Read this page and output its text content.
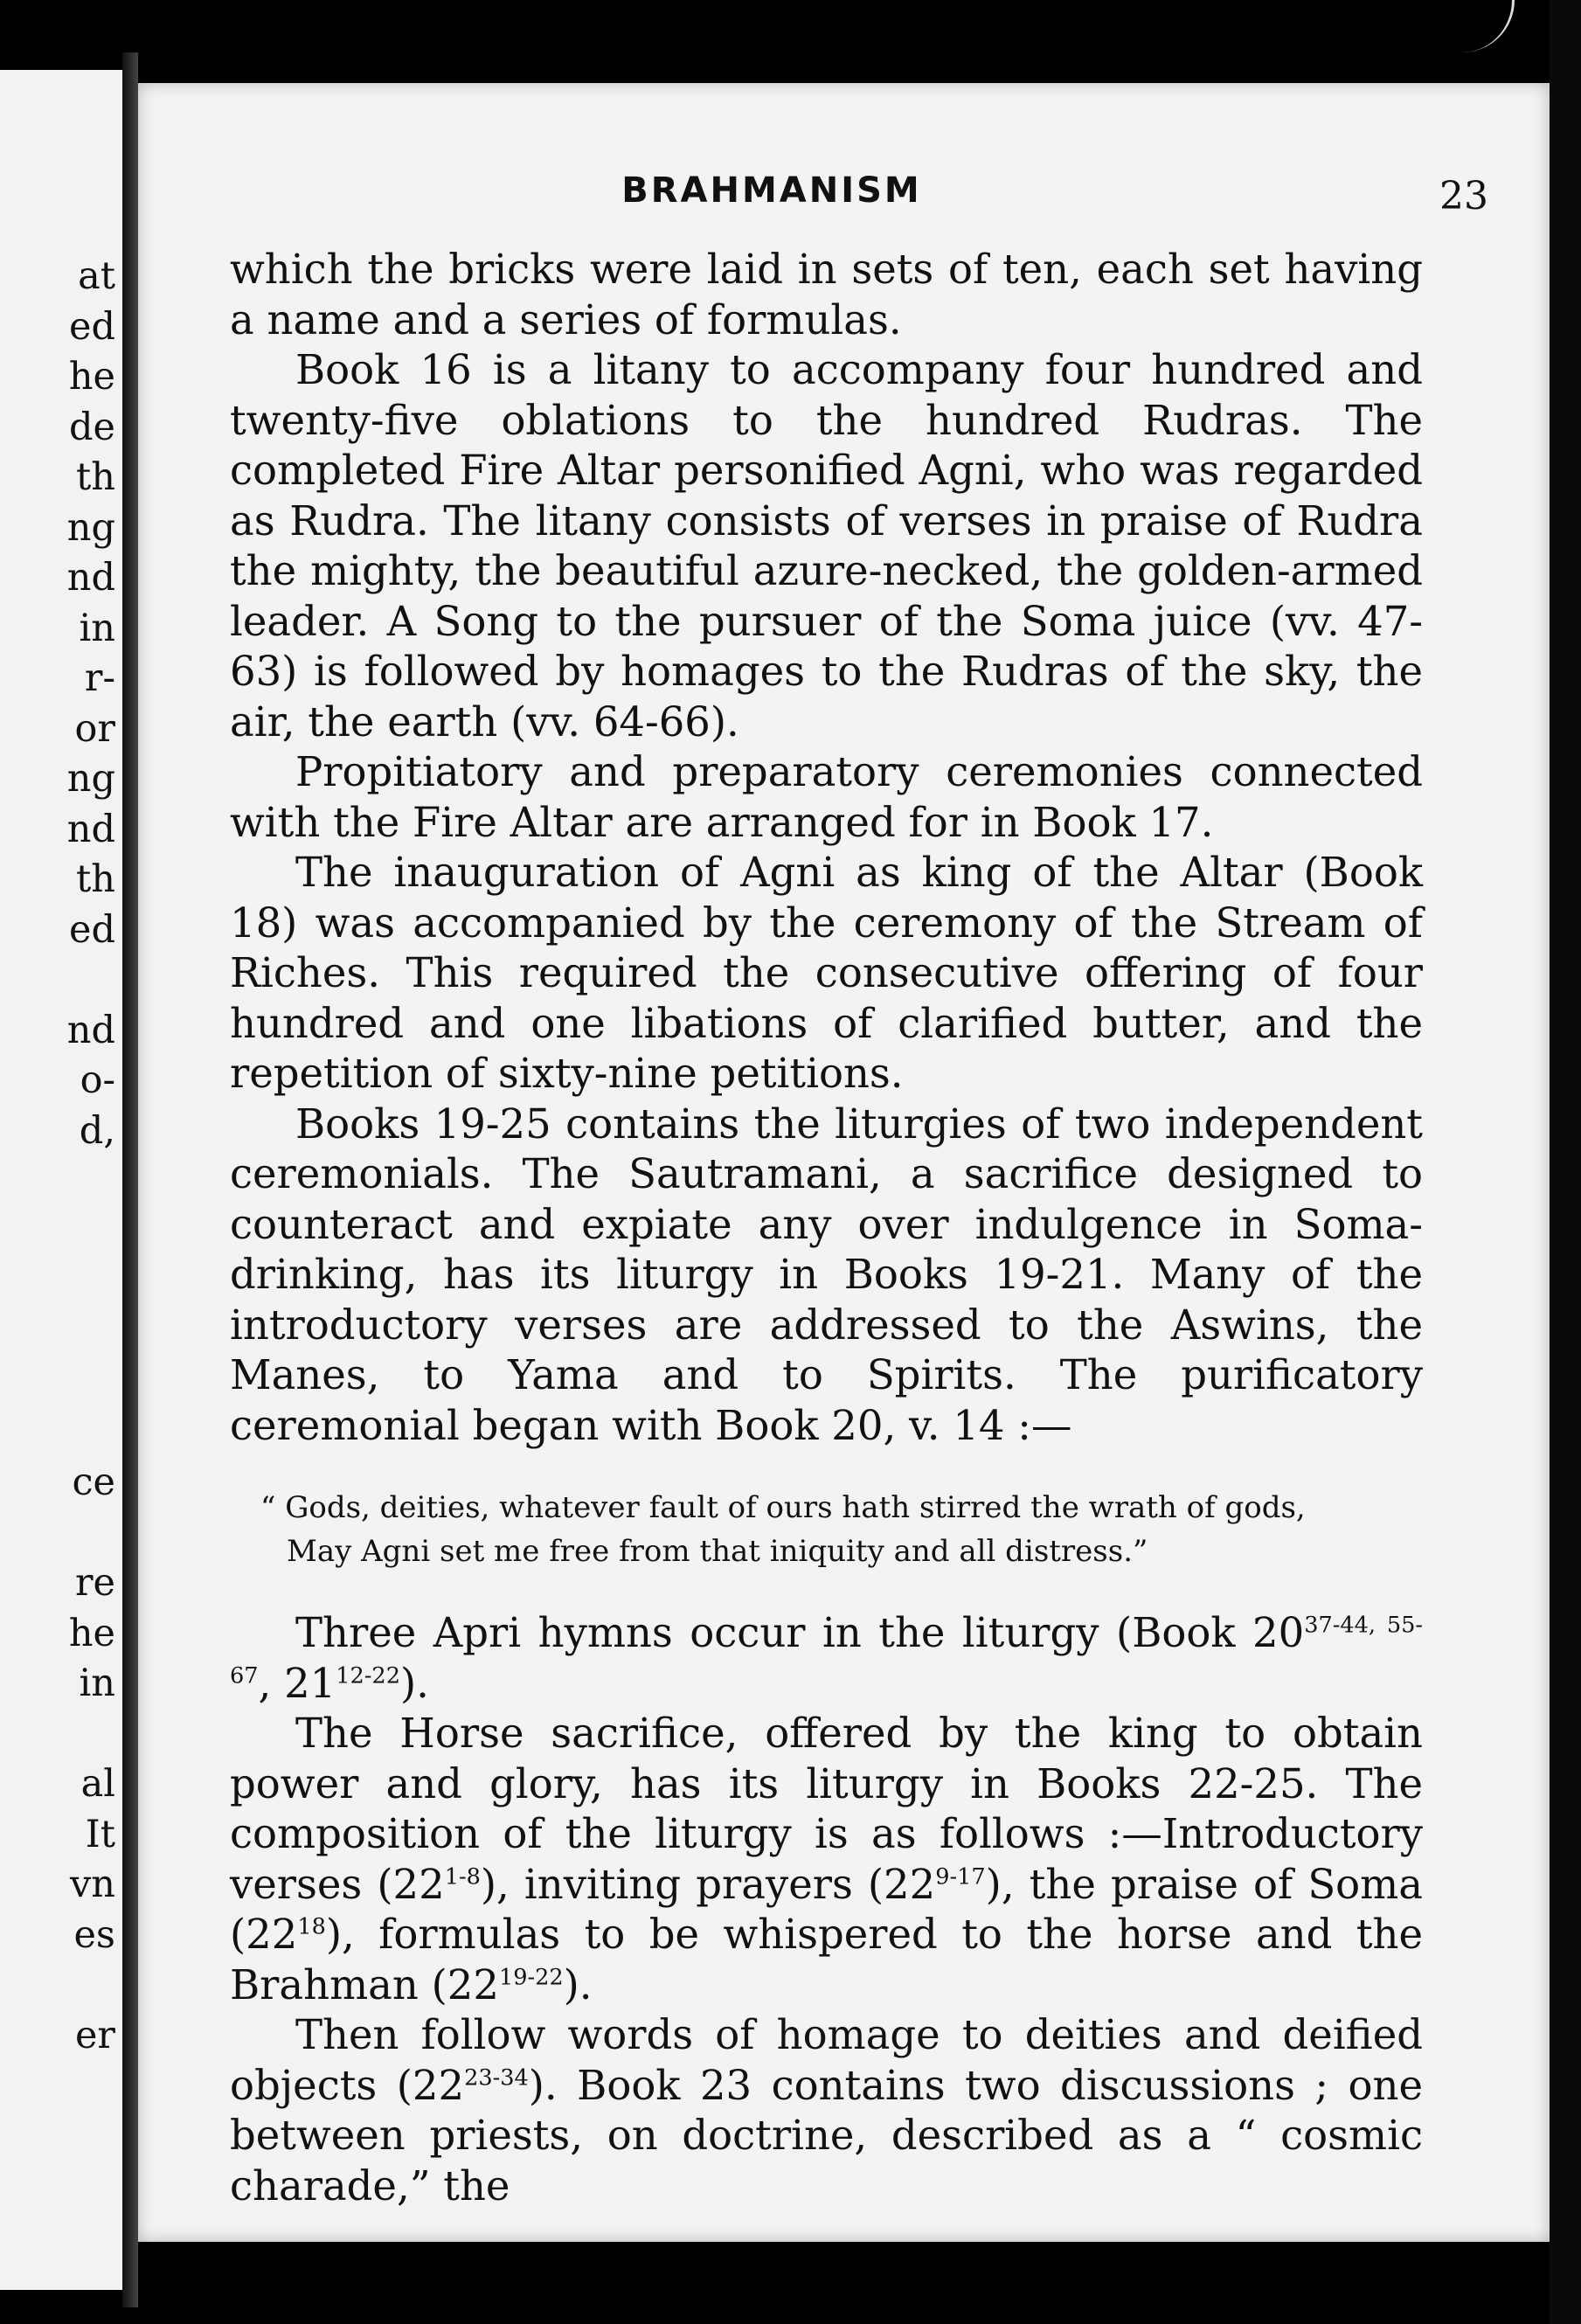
at
ed
he
de
th
ng
nd
in
r-
or
ng
nd
th
ed
nd
o-
d,
ce
re
he
in
al
It
vn
es
er
BRAHMANISM	23

which the bricks were laid in sets of ten, each set having a name and a series of formulas.

Book 16 is a litany to accompany four hundred and twenty-five oblations to the hundred Rudras. The completed Fire Altar personified Agni, who was regarded as Rudra. The litany consists of verses in praise of Rudra the mighty, the beautiful azure-necked, the golden-armed leader. A Song to the pursuer of the Soma juice (vv. 47-63) is followed by homages to the Rudras of the sky, the air, the earth (vv. 64-66).

Propitiatory and preparatory ceremonies connected with the Fire Altar are arranged for in Book 17.

The inauguration of Agni as king of the Altar (Book 18) was accompanied by the ceremony of the Stream of Riches. This required the consecutive offering of four hundred and one libations of clarified butter, and the repetition of sixty-nine petitions.

Books 19-25 contains the liturgies of two independent ceremonials. The Sautramani, a sacrifice designed to counteract and expiate any over indulgence in Soma-drinking, has its liturgy in Books 19-21. Many of the introductory verses are addressed to the Aswins, the Manes, to Yama and to Spirits. The purificatory ceremonial began with Book 20, v. 14 :—

“ Gods, deities, whatever fault of ours hath stirred the wrath of gods,
May Agni set me free from that iniquity and all distress.”

Three Apri hymns occur in the liturgy (Book 20$^{37-44, 55-67}$, 21$^{12-22}$).

The Horse sacrifice, offered by the king to obtain power and glory, has its liturgy in Books 22-25. The composition of the liturgy is as follows :—Introductory verses (22$^{1-8}$), inviting prayers (22$^{9-17}$), the praise of Soma $(22^{18})$, formulas to be whispered to the horse and the Brahman (22$^{19-22}$).

Then follow words of homage to deities and deified objects (22$^{23-34}$). Book 23 contains two discussions ; one between priests, on doctrine, described as a “ cosmic charade,” the
